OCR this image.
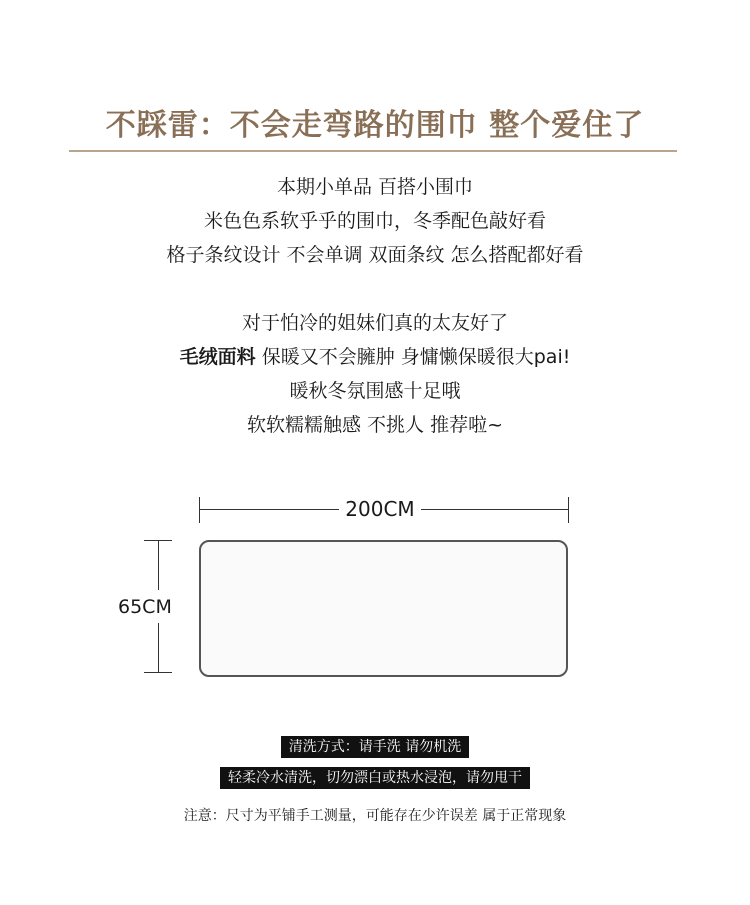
不踩雷：不会走弯路的围巾 整个爱住了
本期小单品 百搭小围巾
米色色系软乎乎的围巾，冬季配色敲好看
格子条纹设计 不会单调 双面条纹 怎么搭配都好看
对于怕冷的姐妹们真的太友好了
毛绒面料 保暖又不会臃肿 身慵懒保暖很大pai!
暖秋冬氛围感十足哦
软软糯糯触感 不挑人 推荐啦~
200CM
65CM
清洗方式：请手洗 请勿机洗
轻柔冷水清洗，切勿漂白或热水浸泡，请勿甩干
注意：尺寸为平铺手工测量，可能存在少许误差 属于正常现象
